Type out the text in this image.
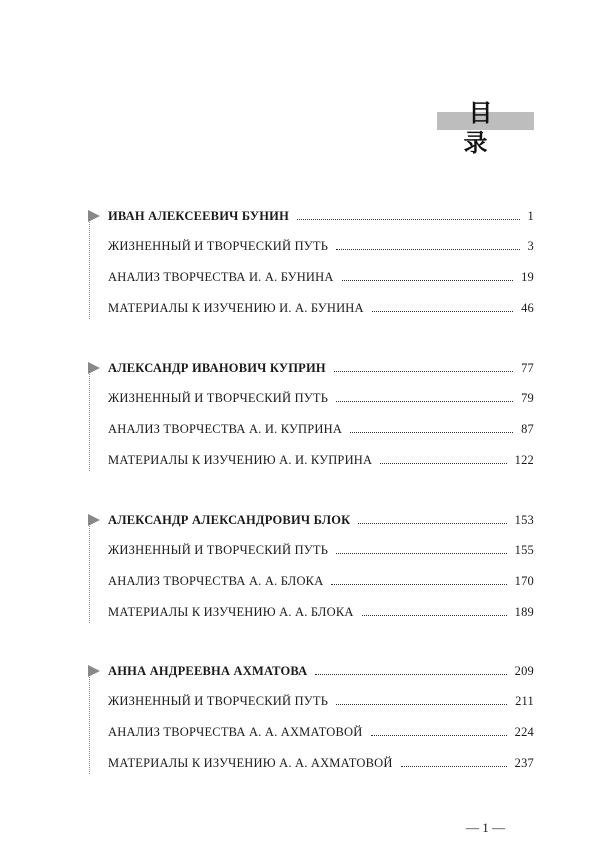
目　录
ИВАН АЛЕКСЕЕВИЧ БУНИН	1
ЖИЗНЕННЫЙ И ТВОРЧЕСКИЙ ПУТЬ	3
АНАЛИЗ ТВОРЧЕСТВА И. А. БУНИНА	19
МАТЕРИАЛЫ К ИЗУЧЕНИЮ И. А. БУНИНА	46
АЛЕКСАНДР ИВАНОВИЧ КУПРИН	77
ЖИЗНЕННЫЙ И ТВОРЧЕСКИЙ ПУТЬ	79
АНАЛИЗ ТВОРЧЕСТВА А. И. КУПРИНА	87
МАТЕРИАЛЫ К ИЗУЧЕНИЮ А. И. КУПРИНА	122
АЛЕКСАНДР АЛЕКСАНДРОВИЧ БЛОК	153
ЖИЗНЕННЫЙ И ТВОРЧЕСКИЙ ПУТЬ	155
АНАЛИЗ ТВОРЧЕСТВА А. А. БЛОКА	170
МАТЕРИАЛЫ К ИЗУЧЕНИЮ А. А. БЛОКА	189
АННА АНДРЕЕВНА АХМАТОВА	209
ЖИЗНЕННЫЙ И ТВОРЧЕСКИЙ ПУТЬ	211
АНАЛИЗ ТВОРЧЕСТВА А. А. АХМАТОВОЙ	224
МАТЕРИАЛЫ К ИЗУЧЕНИЮ А. А. АХМАТОВОЙ	237
— 1 —
